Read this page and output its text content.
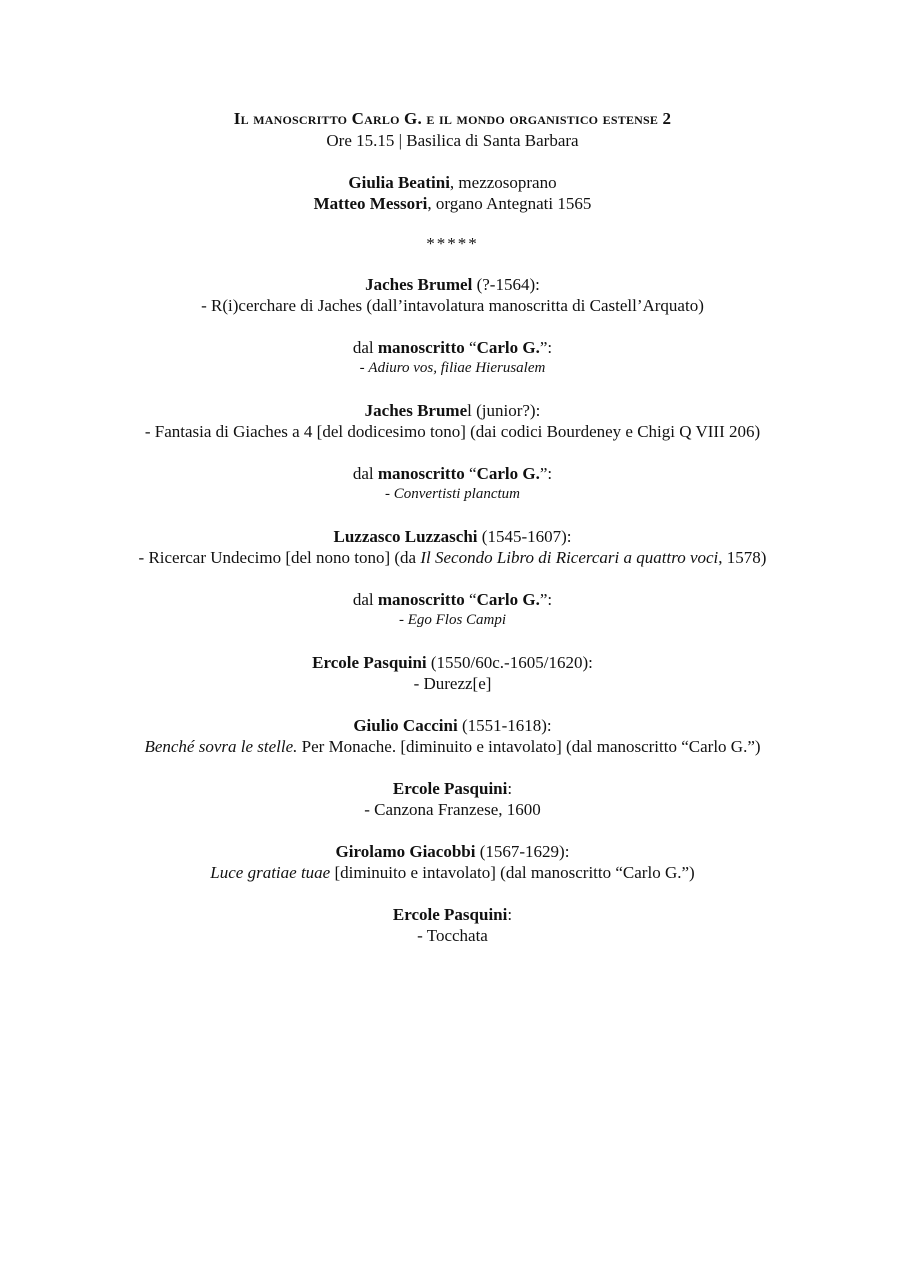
Il manoscritto Carlo G. e il mondo organistico estense 2
Ore 15.15 | Basilica di Santa Barbara
Giulia Beatini, mezzosoprano
Matteo Messori, organo Antegnati 1565
*****
Jaches Brumel (?-1564):
- R(i)cerchare di Jaches (dall’intavolatura manoscritta di Castell’Arquato)
dal manoscritto “Carlo G.”:
- Adiuro vos, filiae Hierusalem
Jaches Brumel (junior?):
- Fantasia di Giaches a 4 [del dodicesimo tono] (dai codici Bourdeney e Chigi Q VIII 206)
dal manoscritto “Carlo G.”:
- Convertisti planctum
Luzzasco Luzzaschi (1545-1607):
- Ricercar Undecimo [del nono tono] (da Il Secondo Libro di Ricercari a quattro voci, 1578)
dal manoscritto “Carlo G.”:
- Ego Flos Campi
Ercole Pasquini (1550/60c.-1605/1620):
- Durezz[e]
Giulio Caccini (1551-1618):
Benché sovra le stelle. Per Monache. [diminuito e intavolato] (dal manoscritto “Carlo G.”)
Ercole Pasquini:
- Canzona Franzese, 1600
Girolamo Giacobbi (1567-1629):
Luce gratiae tuae [diminuito e intavolato] (dal manoscritto “Carlo G.”)
Ercole Pasquini:
- Tocchata
